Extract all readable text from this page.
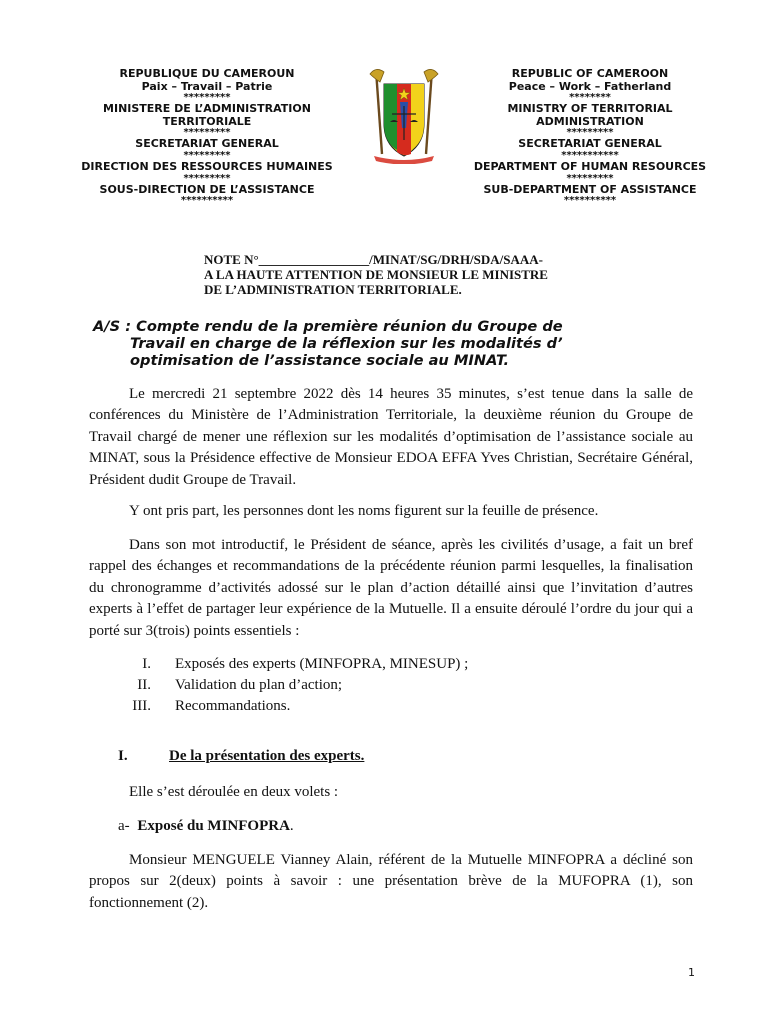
REPUBLIQUE DU CAMEROUN
Paix – Travail – Patrie
*********
MINISTERE DE L’ADMINISTRATION TERRITORIALE
*********
SECRETARIAT GENERAL
*********
DIRECTION DES RESSOURCES HUMAINES
*********
SOUS-DIRECTION DE L’ASSISTANCE
**********
REPUBLIC OF CAMEROON
Peace – Work – Fatherland
********
MINISTRY OF TERRITORIAL ADMINISTRATION
*********
SECRETARIAT GENERAL
***********
DEPARTMENT OF HUMAN RESOURCES
*********
SUB-DEPARTMENT OF ASSISTANCE
**********
NOTE N°_________________/MINAT/SG/DRH/SDA/SAAA-
A LA HAUTE ATTENTION DE MONSIEUR LE MINISTRE
DE L’ADMINISTRATION TERRITORIALE.
A/S : Compte rendu de la première réunion du Groupe de
Travail en charge de la réflexion sur les modalités d’
optimisation de l’assistance sociale au MINAT.

Le mercredi 21 septembre 2022 dès 14 heures 35 minutes, s’est tenue dans la salle de conférences du Ministère de l’Administration Territoriale, la deuxième réunion du Groupe de Travail chargé de mener une réflexion sur les modalités d’optimisation de l’assistance sociale au MINAT, sous la Présidence effective de Monsieur EDOA EFFA Yves Christian, Secrétaire Général, Président dudit Groupe de Travail.

Y ont pris part, les personnes dont les noms figurent sur la feuille de présence.

Dans son mot introductif, le Président de séance, après les civilités d’usage, a fait un bref rappel des échanges et recommandations de la précédente réunion parmi lesquelles, la finalisation du chronogramme d’activités adossé sur le plan d’action détaillé ainsi que l’invitation d’autres experts à l’effet de partager leur expérience de la Mutuelle. Il a ensuite déroulé l’ordre du jour qui a porté sur 3(trois) points essentiels :

I. Exposés des experts (MINFOPRA, MINESUP) ;
II. Validation du plan d’action;
III. Recommandations.
I.	De la présentation des experts.
Elle s’est déroulée en deux volets :
a- Exposé du MINFOPRA.

Monsieur MENGUELE Vianney Alain, référent de la Mutuelle MINFOPRA a décliné son propos sur 2(deux) points à savoir : une présentation brève de la MUFOPRA (1), son fonctionnement (2).

1
